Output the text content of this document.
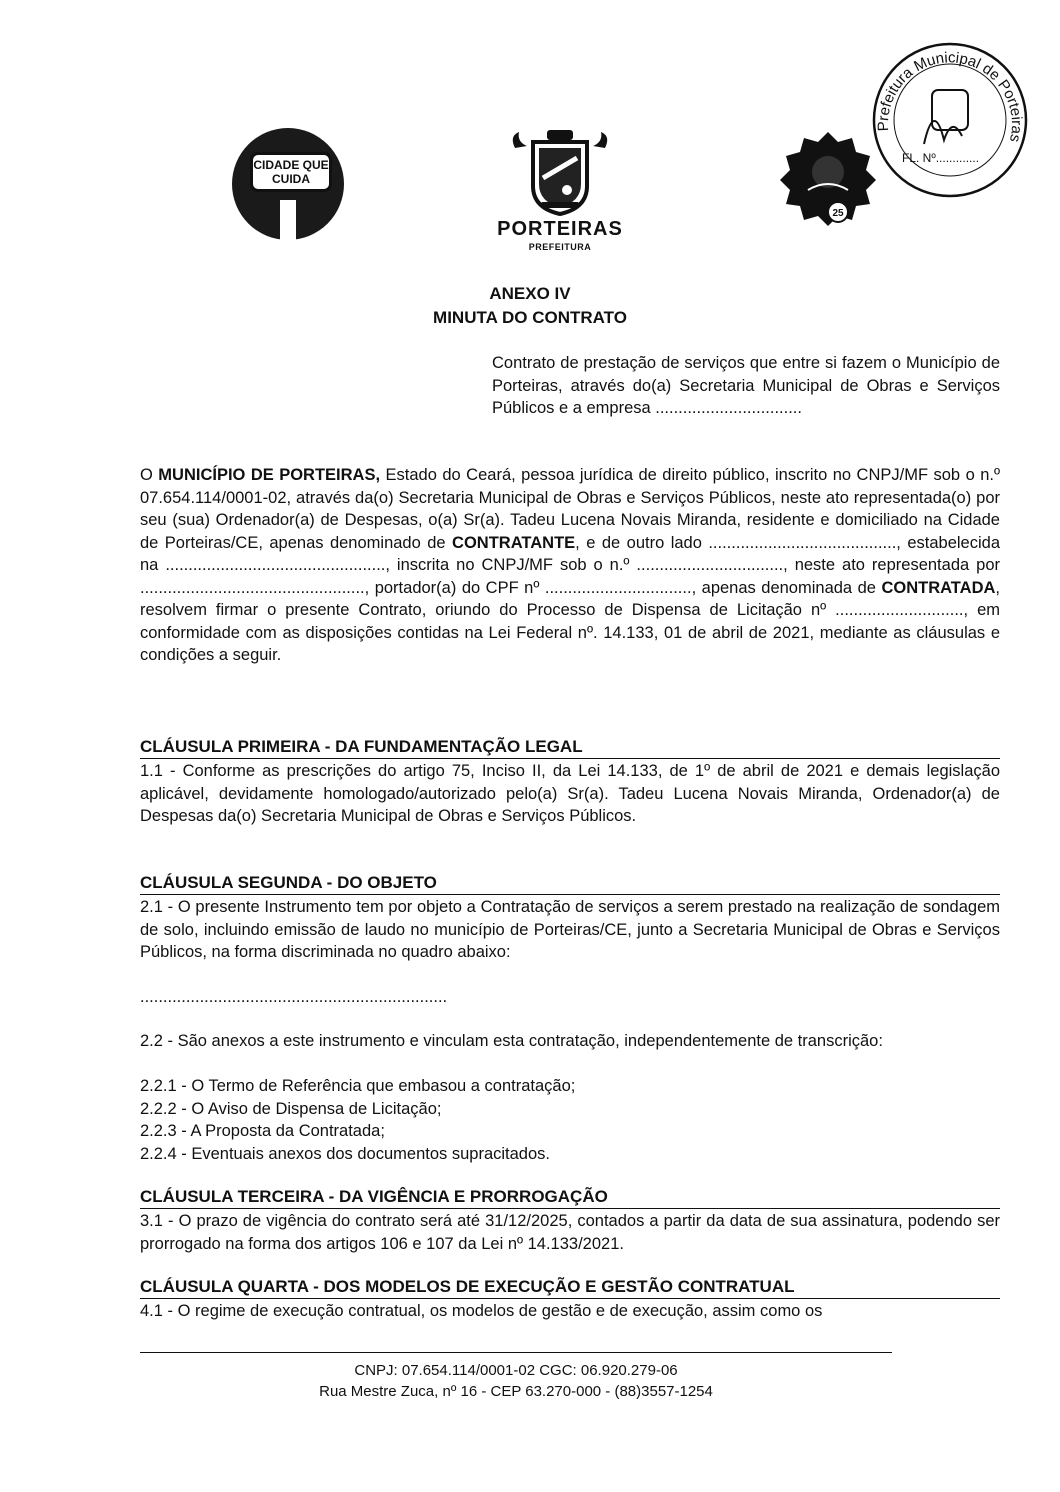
CIDADE QUE CUIDA
PORTEIRAS
PREFEITURA
25
Prefeitura Municipal de Porteiras
FL. Nº.............
ANEXO IV
MINUTA DO CONTRATO

Contrato de prestação de serviços que entre si fazem o Município de Porteiras, através do(a) Secretaria Municipal de Obras e Serviços Públicos e a empresa ................................

O MUNICÍPIO DE PORTEIRAS, Estado do Ceará, pessoa jurídica de direito público, inscrito no CNPJ/MF sob o n.º 07.654.114/0001-02, através da(o) Secretaria Municipal de Obras e Serviços Públicos, neste ato representada(o) por seu (sua) Ordenador(a) de Despesas, o(a) Sr(a). Tadeu Lucena Novais Miranda, residente e domiciliado na Cidade de Porteiras/CE, apenas denominado de CONTRATANTE, e de outro lado ........................................., estabelecida na ................................................, inscrita no CNPJ/MF sob o n.º ................................, neste ato representada por ................................................., portador(a) do CPF nº ................................, apenas denominada de CONTRATADA, resolvem firmar o presente Contrato, oriundo do Processo de Dispensa de Licitação nº ............................, em conformidade com as disposições contidas na Lei Federal nº. 14.133, 01 de abril de 2021, mediante as cláusulas e condições a seguir.

CLÁUSULA PRIMEIRA - DA FUNDAMENTAÇÃO LEGAL

1.1 - Conforme as prescrições do artigo 75, Inciso II, da Lei 14.133, de 1º de abril de 2021 e demais legislação aplicável, devidamente homologado/autorizado pelo(a) Sr(a). Tadeu Lucena Novais Miranda, Ordenador(a) de Despesas da(o) Secretaria Municipal de Obras e Serviços Públicos.

CLÁUSULA SEGUNDA - DO OBJETO

2.1 - O presente Instrumento tem por objeto a Contratação de serviços a serem prestado na realização de sondagem de solo, incluindo emissão de laudo no município de Porteiras/CE, junto a Secretaria Municipal de Obras e Serviços Públicos, na forma discriminada no quadro abaixo:

...................................................................

2.2 - São anexos a este instrumento e vinculam esta contratação, independentemente de transcrição:

2.2.1 - O Termo de Referência que embasou a contratação;
2.2.2 - O Aviso de Dispensa de Licitação;
2.2.3 - A Proposta da Contratada;
2.2.4 - Eventuais anexos dos documentos supracitados.
CLÁUSULA TERCEIRA - DA VIGÊNCIA E PRORROGAÇÃO

3.1 - O prazo de vigência do contrato será até 31/12/2025, contados a partir da data de sua assinatura, podendo ser prorrogado na forma dos artigos 106 e 107 da Lei nº 14.133/2021.

CLÁUSULA QUARTA - DOS MODELOS DE EXECUÇÃO E GESTÃO CONTRATUAL

4.1 - O regime de execução contratual, os modelos de gestão e de execução, assim como os

CNPJ: 07.654.114/0001-02 CGC: 06.920.279-06
Rua Mestre Zuca, nº 16 - CEP 63.270-000 - (88)3557-1254
